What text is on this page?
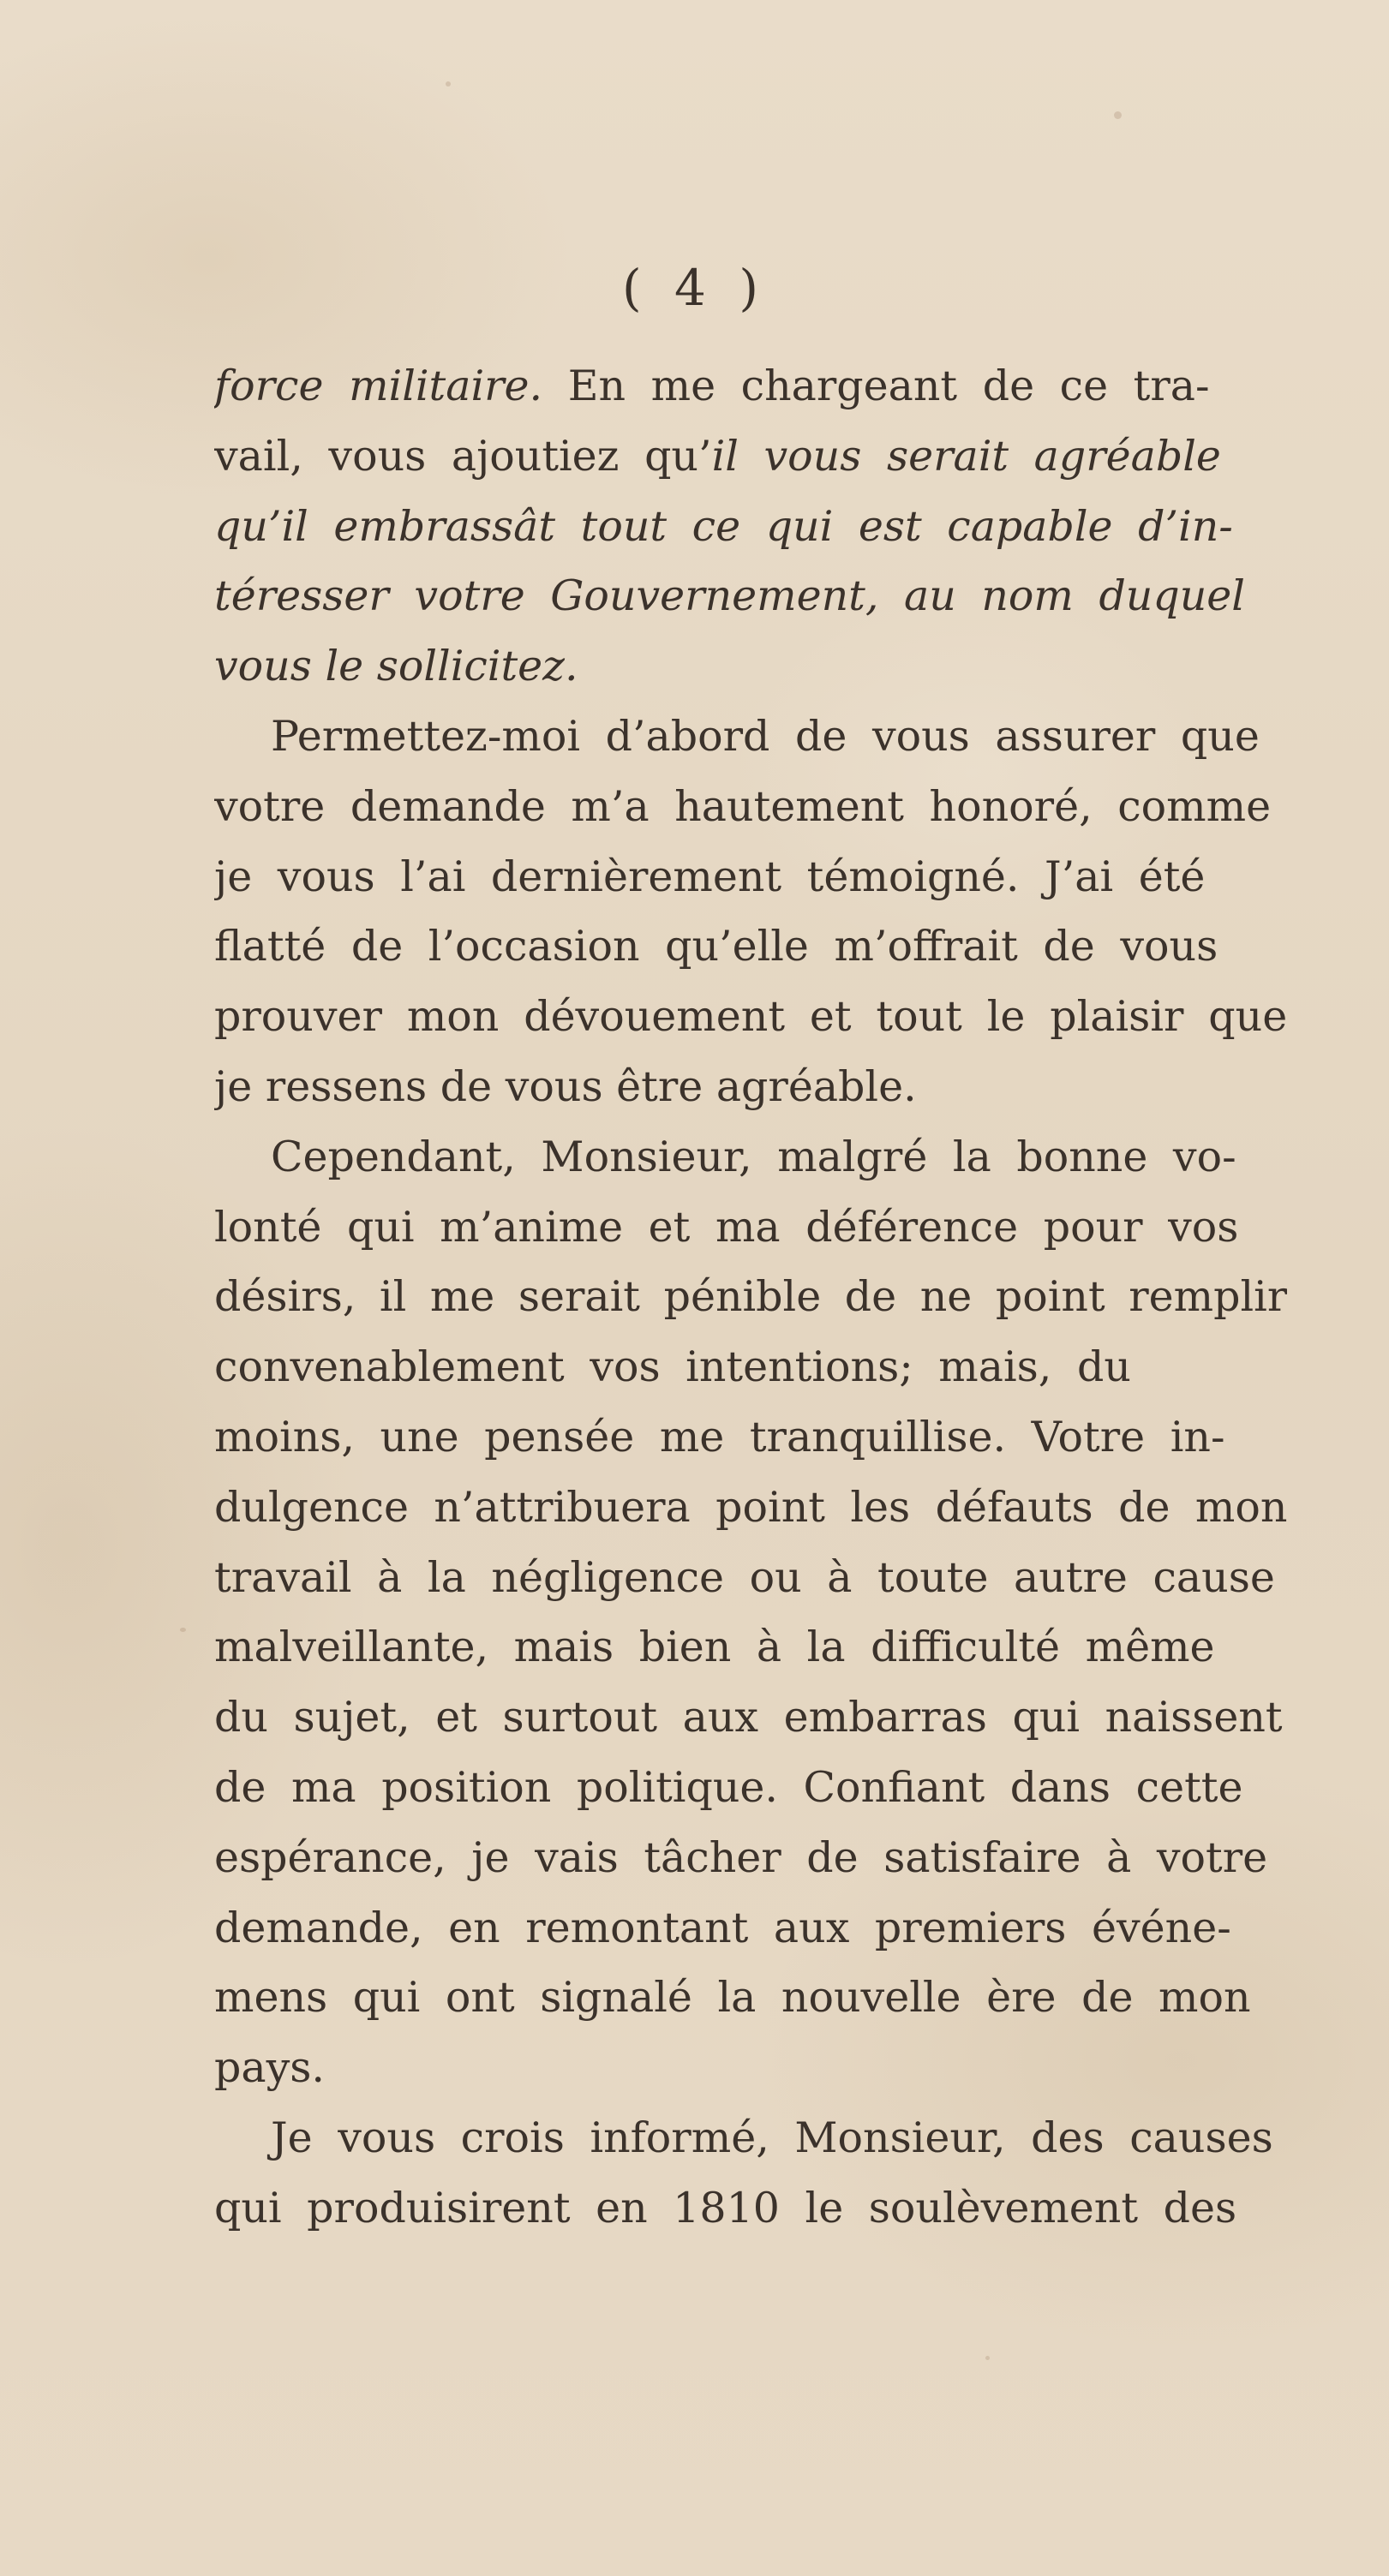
( 4 )
force militaire. En me chargeant de ce tra-
vail, vous ajoutiez qu’il vous serait agréable
qu’il embrassât tout ce qui est capable d’in-
téresser votre Gouvernement, au nom duquel
vous le sollicitez.
Permettez-moi d’abord de vous assurer que
votre demande m’a hautement honoré, comme
je vous l’ai dernièrement témoigné. J’ai été
flatté de l’occasion qu’elle m’offrait de vous
prouver mon dévouement et tout le plaisir que
je ressens de vous être agréable.
Cependant, Monsieur, malgré la bonne vo-
lonté qui m’anime et ma déférence pour vos
désirs, il me serait pénible de ne point remplir
convenablement vos intentions; mais, du
moins, une pensée me tranquillise. Votre in-
dulgence n’attribuera point les défauts de mon
travail à la négligence ou à toute autre cause
malveillante, mais bien à la difficulté même
du sujet, et surtout aux embarras qui naissent
de ma position politique. Confiant dans cette
espérance, je vais tâcher de satisfaire à votre
demande, en remontant aux premiers événe-
mens qui ont signalé la nouvelle ère de mon
pays.
Je vous crois informé, Monsieur, des causes
qui produisirent en 1810 le soulèvement des
